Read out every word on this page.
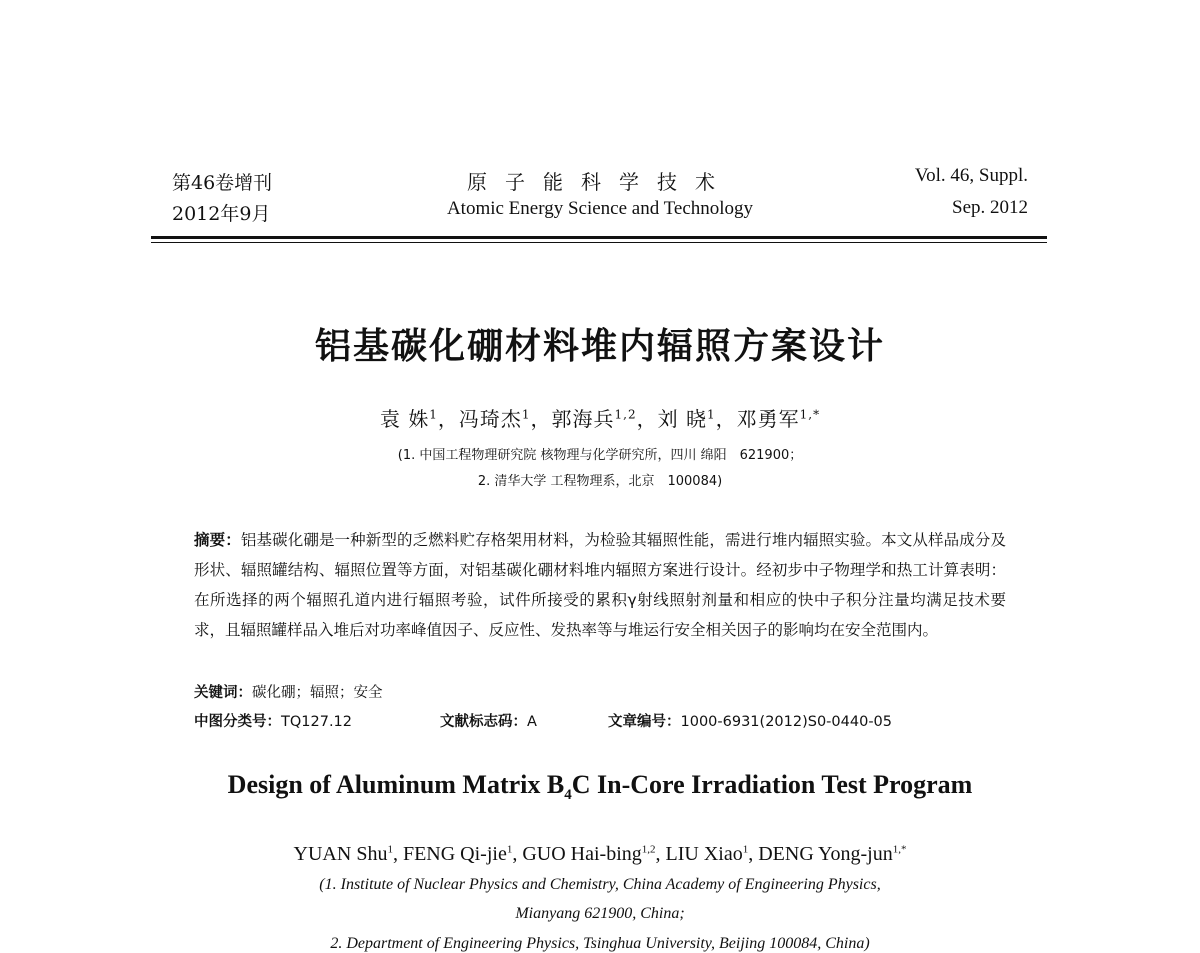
第46卷增刊
2012年9月
原子能科学技术
Atomic Energy Science and Technology
Vol. 46, Suppl.
Sep. 2012
铝基碳化硼材料堆内辐照方案设计
袁 姝$^1$，冯琦杰$^1$，郭海兵$^{1,2}$，刘 晓$^1$，邓勇军$^{1,*}$
(1. 中国工程物理研究院 核物理与化学研究所，四川 绵阳　621900；
2. 清华大学 工程物理系，北京　100084)
摘要：铝基碳化硼是一种新型的乏燃料贮存格架用材料，为检验其辐照性能，需进行堆内辐照实验。本文从样品成分及形状、辐照罐结构、辐照位置等方面，对铝基碳化硼材料堆内辐照方案进行设计。经初步中子物理学和热工计算表明：在所选择的两个辐照孔道内进行辐照考验，试件所接受的累积γ射线照射剂量和相应的快中子积分注量均满足技术要求，且辐照罐样品入堆后对功率峰值因子、反应性、发热率等与堆运行安全相关因子的影响均在安全范围内。
关键词：碳化硼；辐照；安全
中图分类号：TQ127.12	文献标志码：A	文章编号：1000-6931(2012)S0-0440-05
Design of Aluminum Matrix $B_4C$ In-Core Irradiation Test Program
YUAN Shu$^1$, FENG Qi-jie$^1$, GUO Hai-bing$^{1,2}$, LIU Xiao$^1$, DENG Yong-jun$^{1,*}$
(1. Institute of Nuclear Physics and Chemistry, China Academy of Engineering Physics,
Mianyang 621900, China;
2. Department of Engineering Physics, Tsinghua University, Beijing 100084, China)
